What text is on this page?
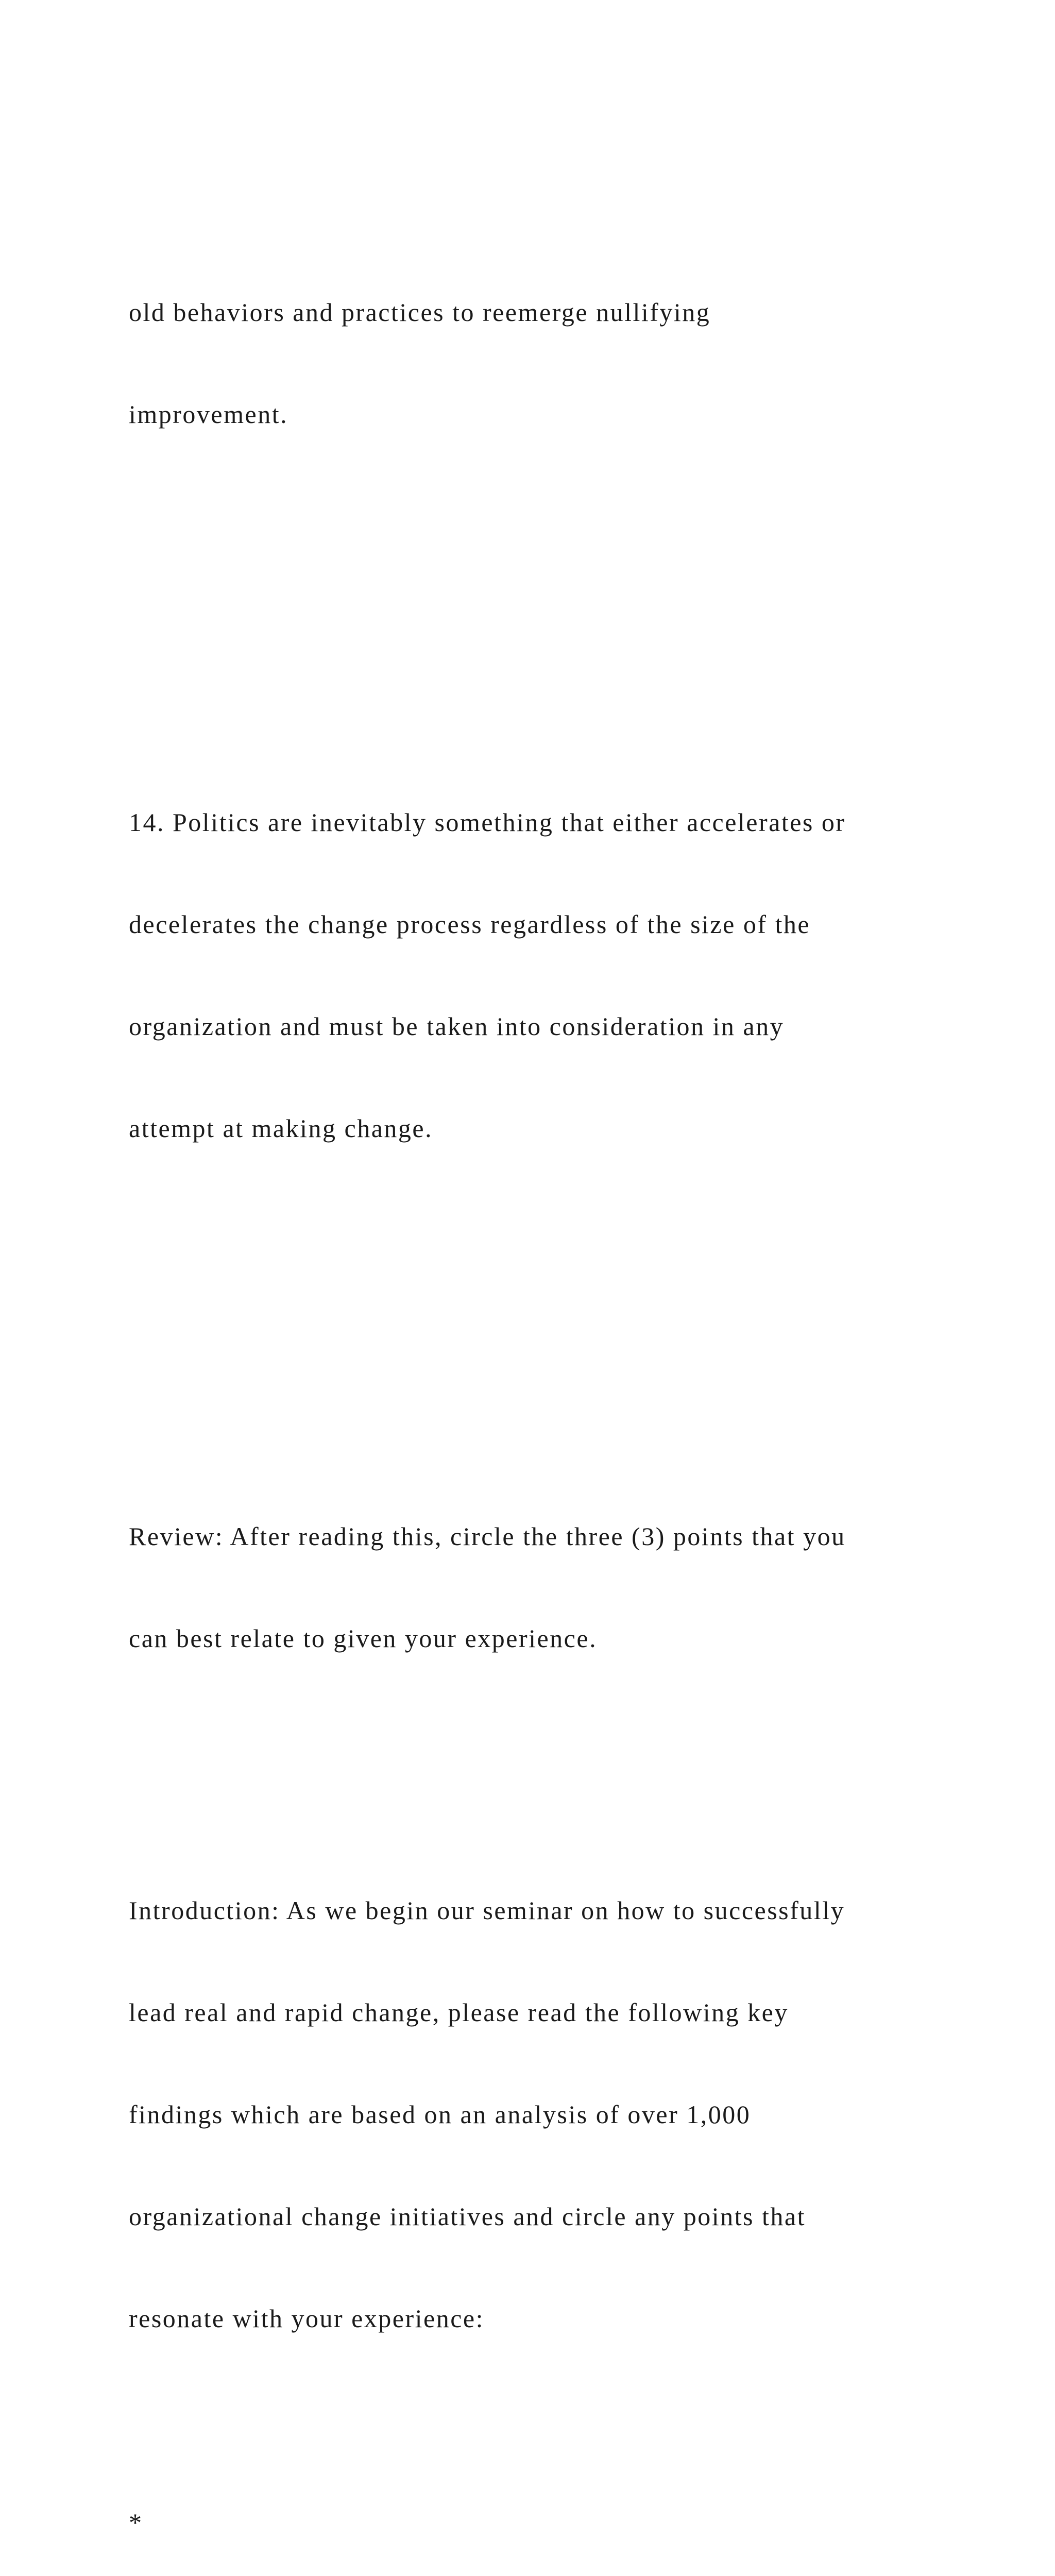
old behaviors and practices to reemerge nullifying

improvement.

14. Politics are inevitably something that either accelerates or

decelerates the change process regardless of the size of the

organization and must be taken into consideration in any

attempt at making change.

Review: After reading this, circle the three (3) points that you

can best relate to given your experience.

Introduction: As we begin our seminar on how to successfully

lead real and rapid change, please read the following key

findings which are based on an analysis of over 1,000

organizational change initiatives and circle any points that

resonate with your experience:

*
